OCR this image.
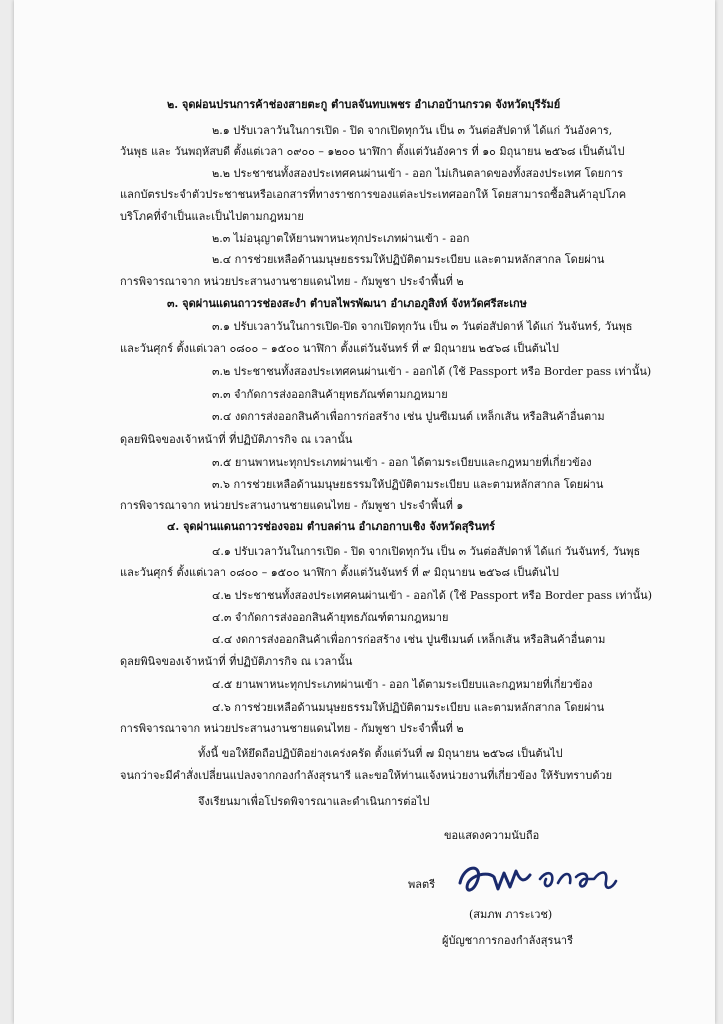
๒. จุดผ่อนปรนการค้าช่องสายตะกู ตำบลจันทบเพชร อำเภอบ้านกรวด จังหวัดบุรีรัมย์
๒.๑ ปรับเวลาวันในการเปิด - ปิด จากเปิดทุกวัน เป็น ๓ วันต่อสัปดาห์ ได้แก่ วันอังคาร,
วันพุธ และ วันพฤหัสบดี ตั้งแต่เวลา ๐๙๐๐ – ๑๒๐๐ นาฬิกา ตั้งแต่วันอังคาร ที่ ๑๐ มิถุนายน ๒๕๖๘ เป็นต้นไป
๒.๒ ประชาชนทั้งสองประเทศคนผ่านเข้า - ออก ไม่เกินตลาดของทั้งสองประเทศ โดยการ
แลกบัตรประจำตัวประชาชนหรือเอกสารที่ทางราชการของแต่ละประเทศออกให้ โดยสามารถซื้อสินค้าอุปโภค
บริโภคที่จำเป็นและเป็นไปตามกฎหมาย
๒.๓ ไม่อนุญาตให้ยานพาหนะทุกประเภทผ่านเข้า - ออก
๒.๔ การช่วยเหลือด้านมนุษยธรรมให้ปฏิบัติตามระเบียบ และตามหลักสากล โดยผ่าน
การพิจารณาจาก หน่วยประสานงานชายแดนไทย - กัมพูชา ประจำพื้นที่ ๒
๓. จุดผ่านแดนถาวรช่องสะงำ ตำบลไพรพัฒนา อำเภอภูสิงห์ จังหวัดศรีสะเกษ
๓.๑ ปรับเวลาวันในการเปิด-ปิด จากเปิดทุกวัน เป็น ๓ วันต่อสัปดาห์ ได้แก่ วันจันทร์, วันพุธ
และวันศุกร์ ตั้งแต่เวลา ๐๘๐๐ – ๑๕๐๐ นาฬิกา ตั้งแต่วันจันทร์ ที่ ๙ มิถุนายน ๒๕๖๘ เป็นต้นไป
๓.๒ ประชาชนทั้งสองประเทศคนผ่านเข้า - ออกได้ (ใช้ Passport หรือ Border pass เท่านั้น)
๓.๓ จำกัดการส่งออกสินค้ายุทธภัณฑ์ตามกฎหมาย
๓.๔ งดการส่งออกสินค้าเพื่อการก่อสร้าง เช่น ปูนซีเมนต์ เหล็กเส้น หรือสินค้าอื่นตาม
ดุลยพินิจของเจ้าหน้าที่ ที่ปฏิบัติภารกิจ ณ เวลานั้น
๓.๕ ยานพาหนะทุกประเภทผ่านเข้า - ออก ได้ตามระเบียบและกฎหมายที่เกี่ยวข้อง
๓.๖ การช่วยเหลือด้านมนุษยธรรมให้ปฏิบัติตามระเบียบ และตามหลักสากล โดยผ่าน
การพิจารณาจาก หน่วยประสานงานชายแดนไทย - กัมพูชา ประจำพื้นที่ ๑
๔. จุดผ่านแดนถาวรช่องจอม ตำบลด่าน อำเภอกาบเชิง จังหวัดสุรินทร์
๔.๑ ปรับเวลาวันในการเปิด - ปิด จากเปิดทุกวัน เป็น ๓ วันต่อสัปดาห์ ได้แก่ วันจันทร์, วันพุธ
และวันศุกร์ ตั้งแต่เวลา ๐๘๐๐ – ๑๕๐๐ นาฬิกา ตั้งแต่วันจันทร์ ที่ ๙ มิถุนายน ๒๕๖๘ เป็นต้นไป
๔.๒ ประชาชนทั้งสองประเทศคนผ่านเข้า - ออกได้ (ใช้ Passport หรือ Border pass เท่านั้น)
๔.๓ จำกัดการส่งออกสินค้ายุทธภัณฑ์ตามกฎหมาย
๔.๔ งดการส่งออกสินค้าเพื่อการก่อสร้าง เช่น ปูนซีเมนต์ เหล็กเส้น หรือสินค้าอื่นตาม
ดุลยพินิจของเจ้าหน้าที่ ที่ปฏิบัติภารกิจ ณ เวลานั้น
๔.๕ ยานพาหนะทุกประเภทผ่านเข้า - ออก ได้ตามระเบียบและกฎหมายที่เกี่ยวข้อง
๔.๖ การช่วยเหลือด้านมนุษยธรรมให้ปฏิบัติตามระเบียบ และตามหลักสากล โดยผ่าน
การพิจารณาจาก หน่วยประสานงานชายแดนไทย - กัมพูชา ประจำพื้นที่ ๒
ทั้งนี้ ขอให้ยึดถือปฏิบัติอย่างเคร่งครัด ตั้งแต่วันที่ ๗ มิถุนายน ๒๕๖๘ เป็นต้นไป
จนกว่าจะมีคำสั่งเปลี่ยนแปลงจากกองกำลังสุรนารี และขอให้ท่านแจ้งหน่วยงานที่เกี่ยวข้อง ให้รับทราบด้วย
จึงเรียนมาเพื่อโปรดพิจารณาและดำเนินการต่อไป
ขอแสดงความนับถือ
พลตรี
(สมภพ ภาระเวช)
ผู้บัญชาการกองกำลังสุรนารี
